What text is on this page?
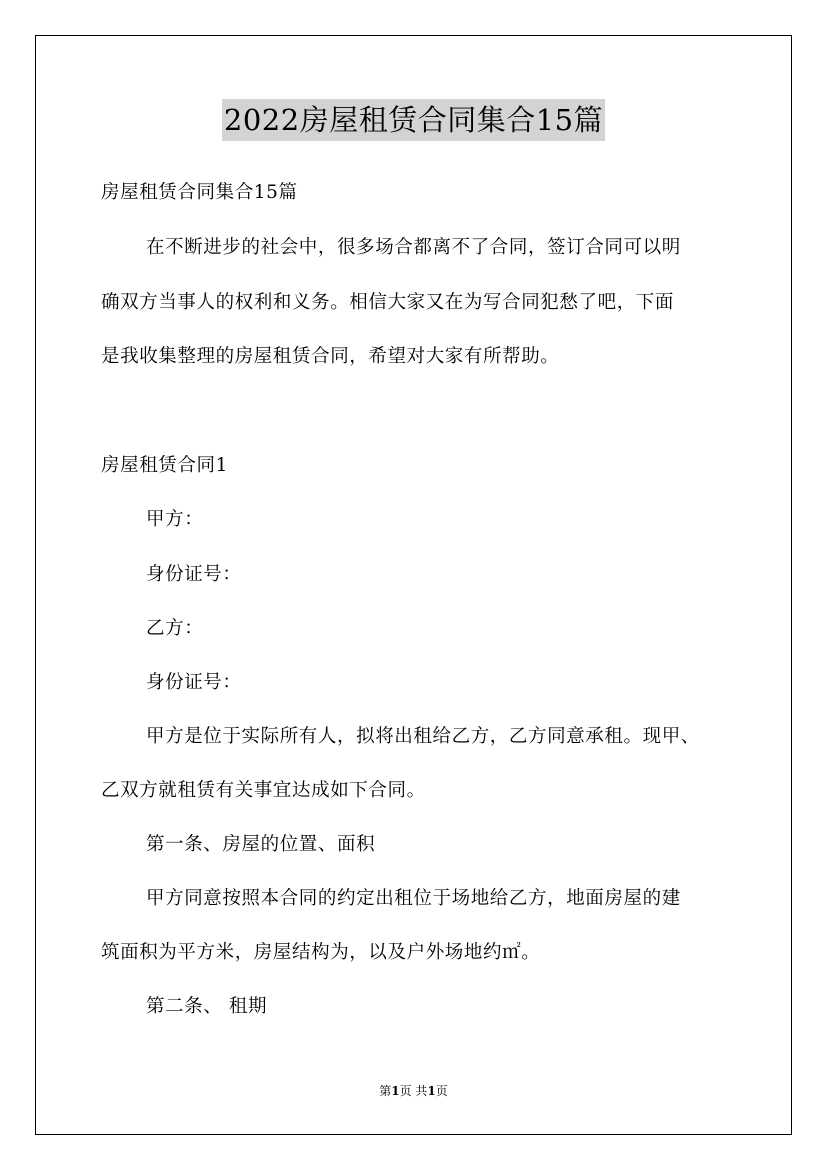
2022房屋租赁合同集合15篇
房屋租赁合同集合15篇
在不断进步的社会中，很多场合都离不了合同，签订合同可以明
确双方当事人的权利和义务。相信大家又在为写合同犯愁了吧，下面
是我收集整理的房屋租赁合同，希望对大家有所帮助。
房屋租赁合同1
甲方：
身份证号：
乙方：
身份证号：
甲方是位于实际所有人，拟将出租给乙方，乙方同意承租。现甲、
乙双方就租赁有关事宜达成如下合同。
第一条、房屋的位置、面积
甲方同意按照本合同的约定出租位于场地给乙方，地面房屋的建
筑面积为平方米，房屋结构为，以及户外场地约㎡。
第二条、 租期
第1页 共1页
